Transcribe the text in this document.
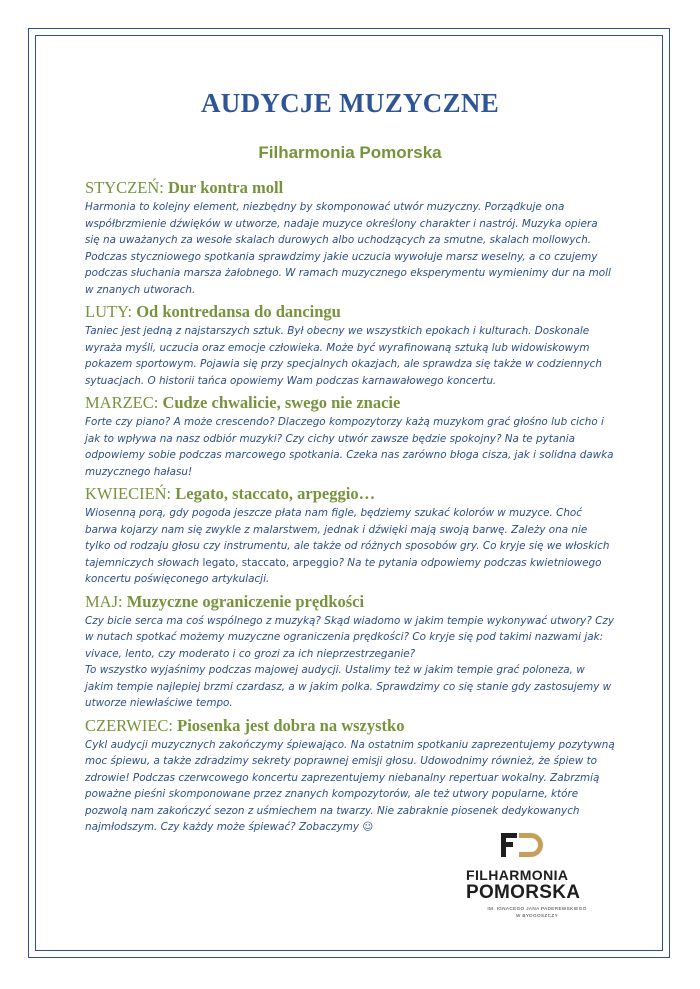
AUDYCJE MUZYCZNE
Filharmonia Pomorska

STYCZEŃ: Dur kontra moll

Harmonia to kolejny element, niezbędny by skomponować utwór muzyczny. Porządkuje ona współbrzmienie dźwięków w utworze, nadaje muzyce określony charakter i nastrój. Muzyka opiera się na uważanych za wesołe skalach durowych albo uchodzących za smutne, skalach mollowych. Podczas styczniowego spotkania sprawdzimy jakie uczucia wywołuje marsz weselny, a co czujemy podczas słuchania marsza żałobnego. W ramach muzycznego eksperymentu wymienimy dur na moll w znanych utworach.

LUTY: Od kontredansa do dancingu

Taniec jest jedną z najstarszych sztuk. Był obecny we wszystkich epokach i kulturach. Doskonale wyraża myśli, uczucia oraz emocje człowieka. Może być wyrafinowaną sztuką lub widowiskowym pokazem sportowym. Pojawia się przy specjalnych okazjach, ale sprawdza się także w codziennych sytuacjach. O historii tańca opowiemy Wam podczas karnawałowego koncertu.

MARZEC: Cudze chwalicie, swego nie znacie

Forte czy piano? A może crescendo? Dlaczego kompozytorzy każą muzykom grać głośno lub cicho i jak to wpływa na nasz odbiór muzyki? Czy cichy utwór zawsze będzie spokojny? Na te pytania odpowiemy sobie podczas marcowego spotkania. Czeka nas zarówno błoga cisza, jak i solidna dawka muzycznego hałasu!

KWIECIEŃ: Legato, staccato, arpeggio…

Wiosenną porą, gdy pogoda jeszcze płata nam figle, będziemy szukać kolorów w muzyce. Choć barwa kojarzy nam się zwykle z malarstwem, jednak i dźwięki mają swoją barwę. Zależy ona nie tylko od rodzaju głosu czy instrumentu, ale także od różnych sposobów gry. Co kryje się we włoskich tajemniczych słowach legato, staccato, arpeggio? Na te pytania odpowiemy podczas kwietniowego koncertu poświęconego artykulacji.

MAJ: Muzyczne ograniczenie prędkości

Czy bicie serca ma coś wspólnego z muzyką? Skąd wiadomo w jakim tempie wykonywać utwory? Czy w nutach spotkać możemy muzyczne ograniczenia prędkości? Co kryje się pod takimi nazwami jak: vivace, lento, czy moderato i co grozi za ich nieprzestrzeganie?

To wszystko wyjaśnimy podczas majowej audycji. Ustalimy też w jakim tempie grać poloneza, w jakim tempie najlepiej brzmi czardasz, a w jakim polka. Sprawdzimy co się stanie gdy zastosujemy w utworze niewłaściwe tempo.

CZERWIEC: Piosenka jest dobra na wszystko

Cykl audycji muzycznych zakończymy śpiewająco. Na ostatnim spotkaniu zaprezentujemy pozytywną moc śpiewu, a także zdradzimy sekrety poprawnej emisji głosu. Udowodnimy również, że śpiew to zdrowie! Podczas czerwcowego koncertu zaprezentujemy niebanalny repertuar wokalny. Zabrzmią poważne pieśni skomponowane przez znanych kompozytorów, ale też utwory popularne, które pozwolą nam zakończyć sezon z uśmiechem na twarzy. Nie zabraknie piosenek dedykowanych najmłodszym. Czy każdy może śpiewać? Zobaczymy ☺

FILHARMONIA
POMORSKA
IM. IGNACEGO JANA PADEREWSKIEGO
W BYDGOSZCZY
